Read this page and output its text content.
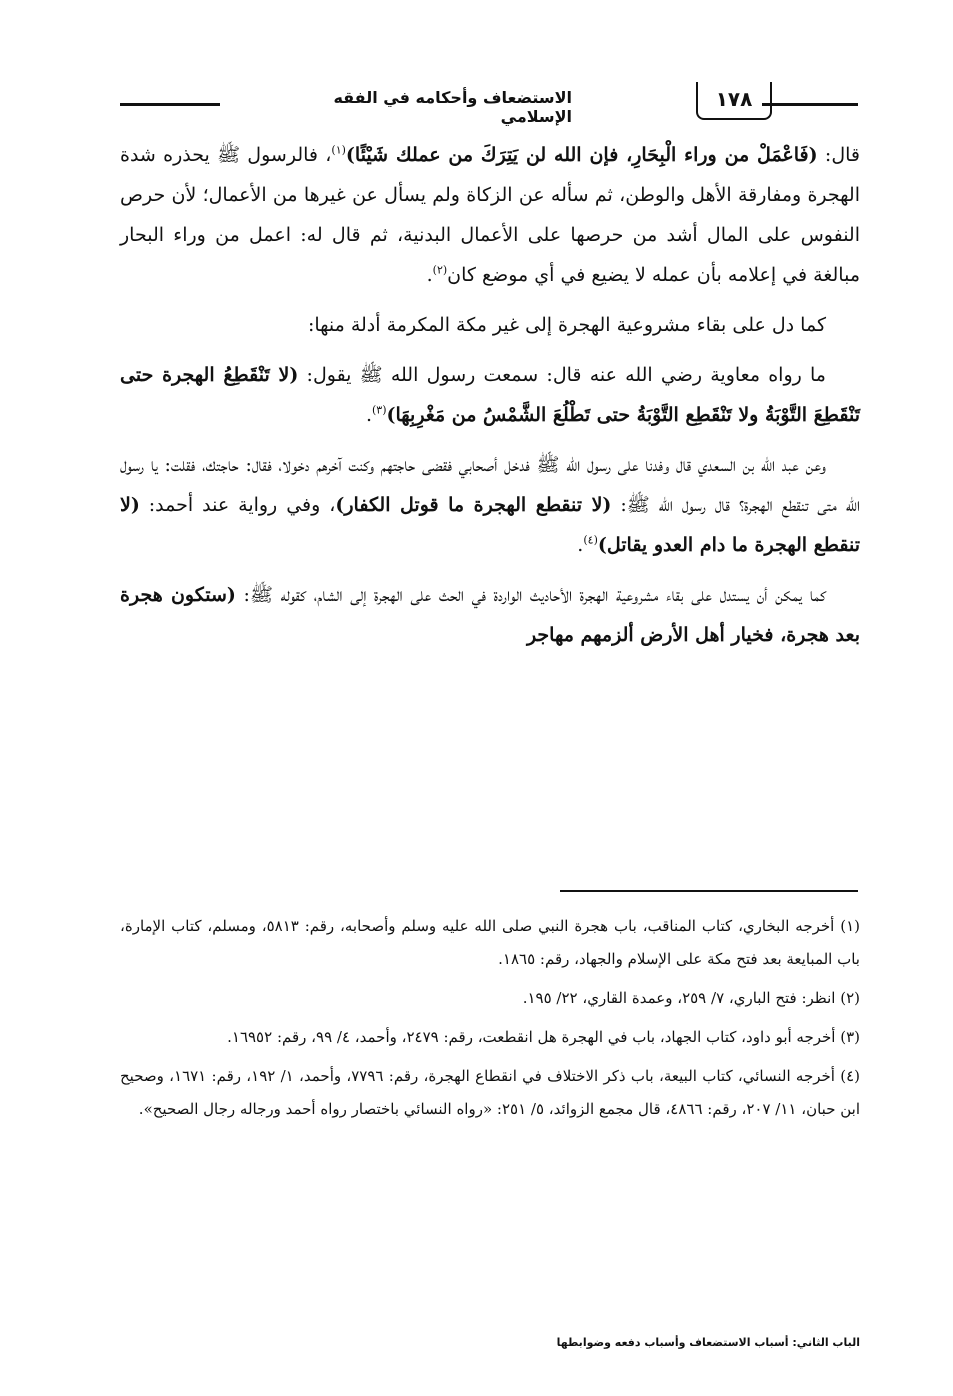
الاستضعاف وأحكامه في الفقه الإسلامي
١٧٨

قال: (فَاعْمَلْ من وراء الْبِحَارِ، فإن الله لن يَتِرَكَ من عملك شَيْئًا)$^{(١)}$، فالرسول ﷺ يحذره شدة الهجرة ومفارقة الأهل والوطن، ثم سأله عن الزكاة ولم يسأل عن غيرها من الأعمال؛ لأن حرص النفوس على المال أشد من حرصها على الأعمال البدنية، ثم قال له: اعمل من وراء البحار مبالغة في إعلامه بأن عمله لا يضيع في أي موضع كان$^{(٢)}$.

كما دل على بقاء مشروعية الهجرة إلى غير مكة المكرمة أدلة منها:

ما رواه معاوية رضي الله عنه قال: سمعت رسول الله ﷺ يقول: (لا تَنْقَطِعُ الهجرة حتى تَنْقَطِعَ التَّوْبَةُ ولا تَنْقَطِع التَّوْبَةُ حتى تَطْلُعَ الشَّمْسُ من مَغْرِبِهَا)$^{(٣)}$.

وعن عبد الله بن السعدي قال وفدنا على رسول الله ﷺ فدخل أصحابي فقضى حاجتهم وكنت آخرهم دخولا، فقال: حاجتك، فقلت: يا رسول الله متى تنقطع الهجرة؟ قال رسول الله ﷺ: (لا تنقطع الهجرة ما قوتل الكفار)، وفي رواية عند أحمد: (لا تنقطع الهجرة ما دام العدو يقاتل)$^{(٤)}$.

كما يمكن أن يستدل على بقاء مشروعية الهجرة الأحاديث الواردة في الحث على الهجرة إلى الشام، كقوله ﷺ: (ستكون هجرة بعد هجرة، فخيار أهل الأرض ألزمهم مهاجر

(١) أخرجه البخاري، كتاب المناقب، باب هجرة النبي صلى الله عليه وسلم وأصحابه، رقم: ٥٨١٣، ومسلم، كتاب الإمارة، باب المبايعة بعد فتح مكة على الإسلام والجهاد، رقم: ١٨٦٥.

(٢) انظر: فتح الباري، ٧/ ٢٥٩، وعمدة القاري، ٢٢/ ١٩٥.

(٣) أخرجه أبو داود، كتاب الجهاد، باب في الهجرة هل انقطعت، رقم: ٢٤٧٩، وأحمد، ٤/ ٩٩، رقم: ١٦٩٥٢.

(٤) أخرجه النسائي، كتاب البيعة، باب ذكر الاختلاف في انقطاع الهجرة، رقم: ٧٧٩٦، وأحمد، ١/ ١٩٢، رقم: ١٦٧١، وصحيح ابن حبان، ١١/ ٢٠٧، رقم: ٤٨٦٦، قال مجمع الزوائد، ٥/ ٢٥١: «رواه النسائي باختصار رواه أحمد ورجاله رجال الصحيح».

الباب الثاني: أسباب الاستضعاف وأسباب دفعه وضوابطها
